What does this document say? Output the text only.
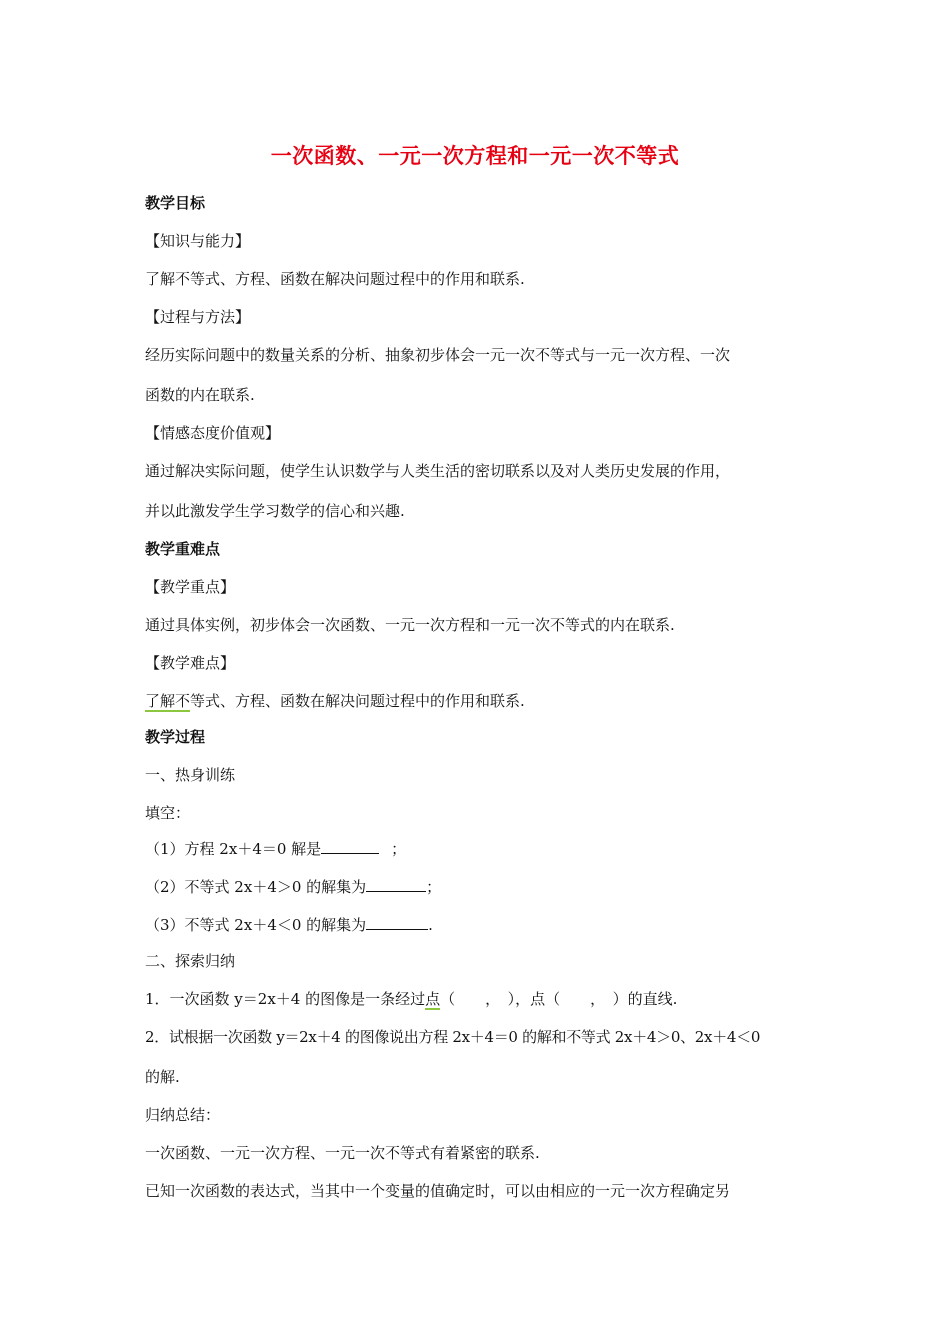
一次函数、一元一次方程和一元一次不等式
教学目标
【知识与能力】
了解不等式、方程、函数在解决问题过程中的作用和联系.
【过程与方法】
经历实际问题中的数量关系的分析、抽象初步体会一元一次不等式与一元一次方程、一次
函数的内在联系.
【情感态度价值观】
通过解决实际问题，使学生认识数学与人类生活的密切联系以及对人类历史发展的作用，
并以此激发学生学习数学的信心和兴趣.
教学重难点
【教学重点】
通过具体实例，初步体会一次函数、一元一次方程和一元一次不等式的内在联系.
【教学难点】
了解不等式、方程、函数在解决问题过程中的作用和联系.
教学过程
一、热身训练
填空：
（1）方程 2x＋4＝0 解是	；
（2）不等式 2x＋4＞0 的解集为	；
（3）不等式 2x＋4＜0 的解集为	.
二、探索归纳
1．一次函数 y＝2x＋4 的图像是一条经过点（　　，　），点（　　，　）的直线.
2．试根据一次函数 y＝2x＋4 的图像说出方程 2x＋4＝0 的解和不等式 2x＋4＞0、2x＋4＜0
的解.
归纳总结：
一次函数、一元一次方程、一元一次不等式有着紧密的联系.
已知一次函数的表达式，当其中一个变量的值确定时，可以由相应的一元一次方程确定另
